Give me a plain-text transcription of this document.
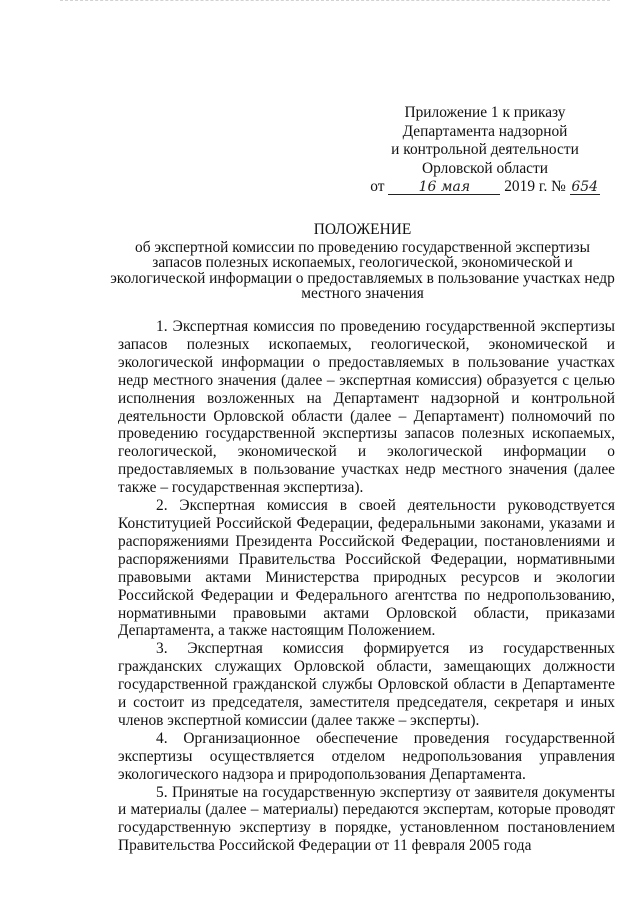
Приложение 1 к приказу
Департамента надзорной
и контрольной деятельности
Орловской области
от 16 мая 2019 г. № 654
ПОЛОЖЕНИЕ
об экспертной комиссии по проведению государственной экспертизы запасов полезных ископаемых, геологической, экономической и экологической информации о предоставляемых в пользование участках недр местного значения

1. Экспертная комиссия по проведению государственной экспертизы запасов полезных ископаемых, геологической, экономической и экологической информации о предоставляемых в пользование участках недр местного значения (далее – экспертная комиссия) образуется с целью исполнения возложенных на Департамент надзорной и контрольной деятельности Орловской области (далее – Департамент) полномочий по проведению государственной экспертизы запасов полезных ископаемых, геологической, экономической и экологической информации о предоставляемых в пользование участках недр местного значения (далее также – государственная экспертиза).

2. Экспертная комиссия в своей деятельности руководствуется Конституцией Российской Федерации, федеральными законами, указами и распоряжениями Президента Российской Федерации, постановлениями и распоряжениями Правительства Российской Федерации, нормативными правовыми актами Министерства природных ресурсов и экологии Российской Федерации и Федерального агентства по недропользованию, нормативными правовыми актами Орловской области, приказами Департамента, а также настоящим Положением.

3. Экспертная комиссия формируется из государственных гражданских служащих Орловской области, замещающих должности государственной гражданской службы Орловской области в Департаменте и состоит из председателя, заместителя председателя, секретаря и иных членов экспертной комиссии (далее также – эксперты).

4. Организационное обеспечение проведения государственной экспертизы осуществляется отделом недропользования управления экологического надзора и природопользования Департамента.

5. Принятые на государственную экспертизу от заявителя документы и материалы (далее – материалы) передаются экспертам, которые проводят государственную экспертизу в порядке, установленном постановлением Правительства Российской Федерации от 11 февраля 2005 года
